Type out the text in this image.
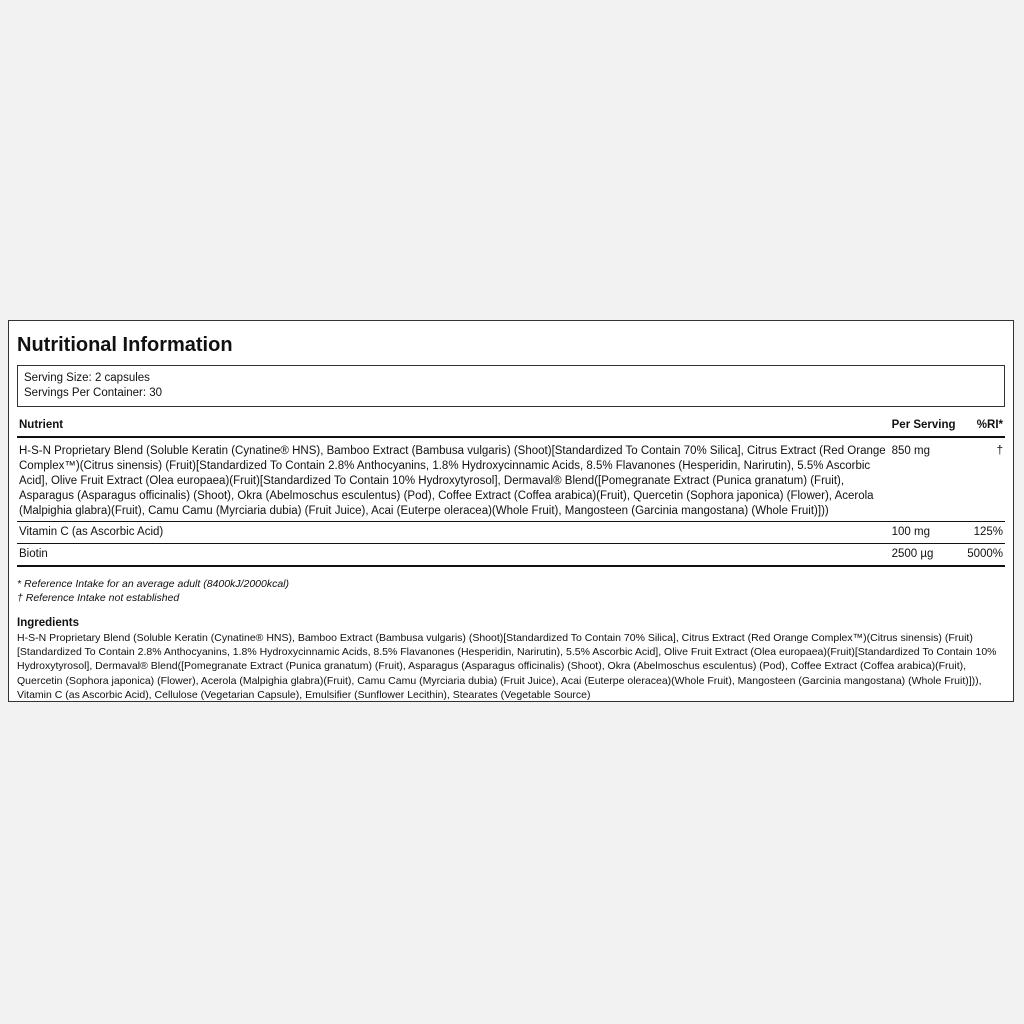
Nutritional Information
Serving Size: 2 capsules
Servings Per Container: 30
Nutrient	Per Serving	%RI*
H-S-N Proprietary Blend (Soluble Keratin (Cynatine® HNS), Bamboo Extract (Bambusa vulgaris) (Shoot)[Standardized To Contain 70% Silica], Citrus Extract (Red Orange Complex™)(Citrus sinensis) (Fruit)[Standardized To Contain 2.8% Anthocyanins, 1.8% Hydroxycinnamic Acids, 8.5% Flavanones (Hesperidin, Narirutin), 5.5% Ascorbic Acid], Olive Fruit Extract (Olea europaea)(Fruit)[Standardized To Contain 10% Hydroxytyrosol], Dermaval® Blend([Pomegranate Extract (Punica granatum) (Fruit), Asparagus (Asparagus officinalis) (Shoot), Okra (Abelmoschus esculentus) (Pod), Coffee Extract (Coffea arabica)(Fruit), Quercetin (Sophora japonica) (Flower), Acerola (Malpighia glabra)(Fruit), Camu Camu (Myrciaria dubia) (Fruit Juice), Acai (Euterpe oleracea)(Whole Fruit), Mangosteen (Garcinia mangostana) (Whole Fruit)]))	850 mg	†
Vitamin C (as Ascorbic Acid)	100 mg	125%
Biotin	2500 µg	5000%
* Reference Intake for an average adult (8400kJ/2000kcal)
† Reference Intake not established
Ingredients
H-S-N Proprietary Blend (Soluble Keratin (Cynatine® HNS), Bamboo Extract (Bambusa vulgaris) (Shoot)[Standardized To Contain 70% Silica], Citrus Extract (Red Orange Complex™)(Citrus sinensis) (Fruit)[Standardized To Contain 2.8% Anthocyanins, 1.8% Hydroxycinnamic Acids, 8.5% Flavanones (Hesperidin, Narirutin), 5.5% Ascorbic Acid], Olive Fruit Extract (Olea europaea)(Fruit)[Standardized To Contain 10% Hydroxytyrosol], Dermaval® Blend([Pomegranate Extract (Punica granatum) (Fruit), Asparagus (Asparagus officinalis) (Shoot), Okra (Abelmoschus esculentus) (Pod), Coffee Extract (Coffea arabica)(Fruit), Quercetin (Sophora japonica) (Flower), Acerola (Malpighia glabra)(Fruit), Camu Camu (Myrciaria dubia) (Fruit Juice), Acai (Euterpe oleracea)(Whole Fruit), Mangosteen (Garcinia mangostana) (Whole Fruit)])), Vitamin C (as Ascorbic Acid), Cellulose (Vegetarian Capsule), Emulsifier (Sunflower Lecithin), Stearates (Vegetable Source)
